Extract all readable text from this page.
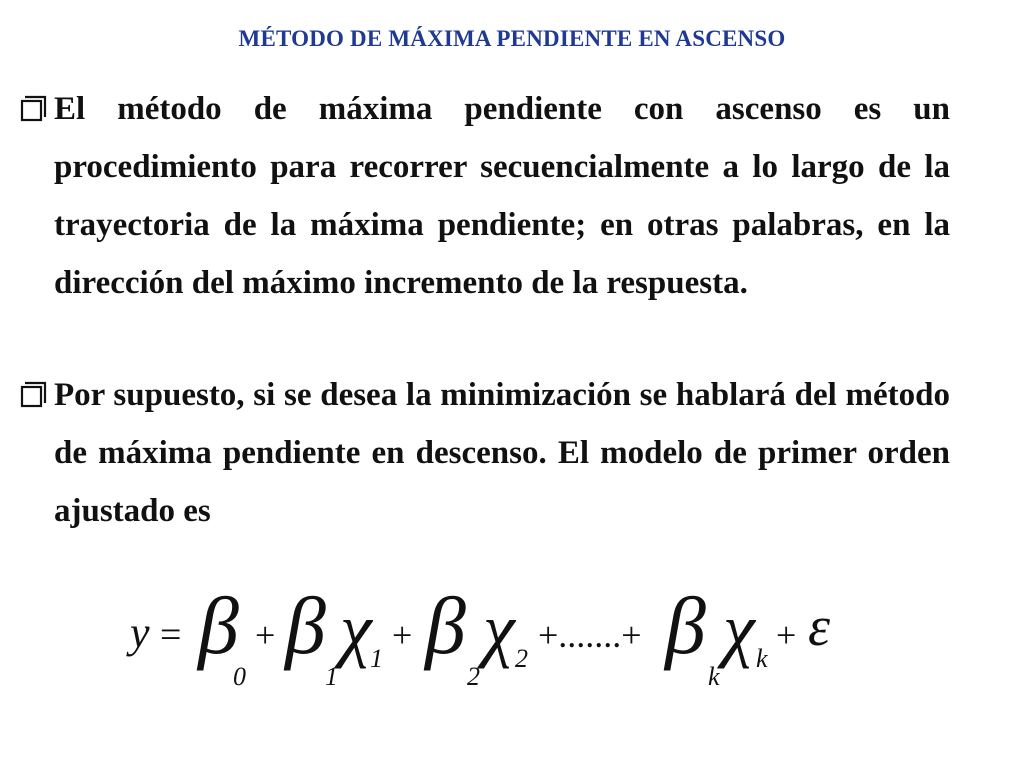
MÉTODO DE MÁXIMA PENDIENTE EN ASCENSO
El método de máxima pendiente con ascenso es un procedimiento para recorrer secuencialmente a lo largo de la trayectoria de la máxima pendiente; en otras palabras, en la dirección del máximo incremento de la respuesta.
Por supuesto, si se desea la minimización se hablará del método de máxima pendiente en descenso. El modelo de primer orden ajustado es
y = β
0
+ β
1
χ
1
+ β
2
χ 2
+.......+ β
k
χ k
+ ε
